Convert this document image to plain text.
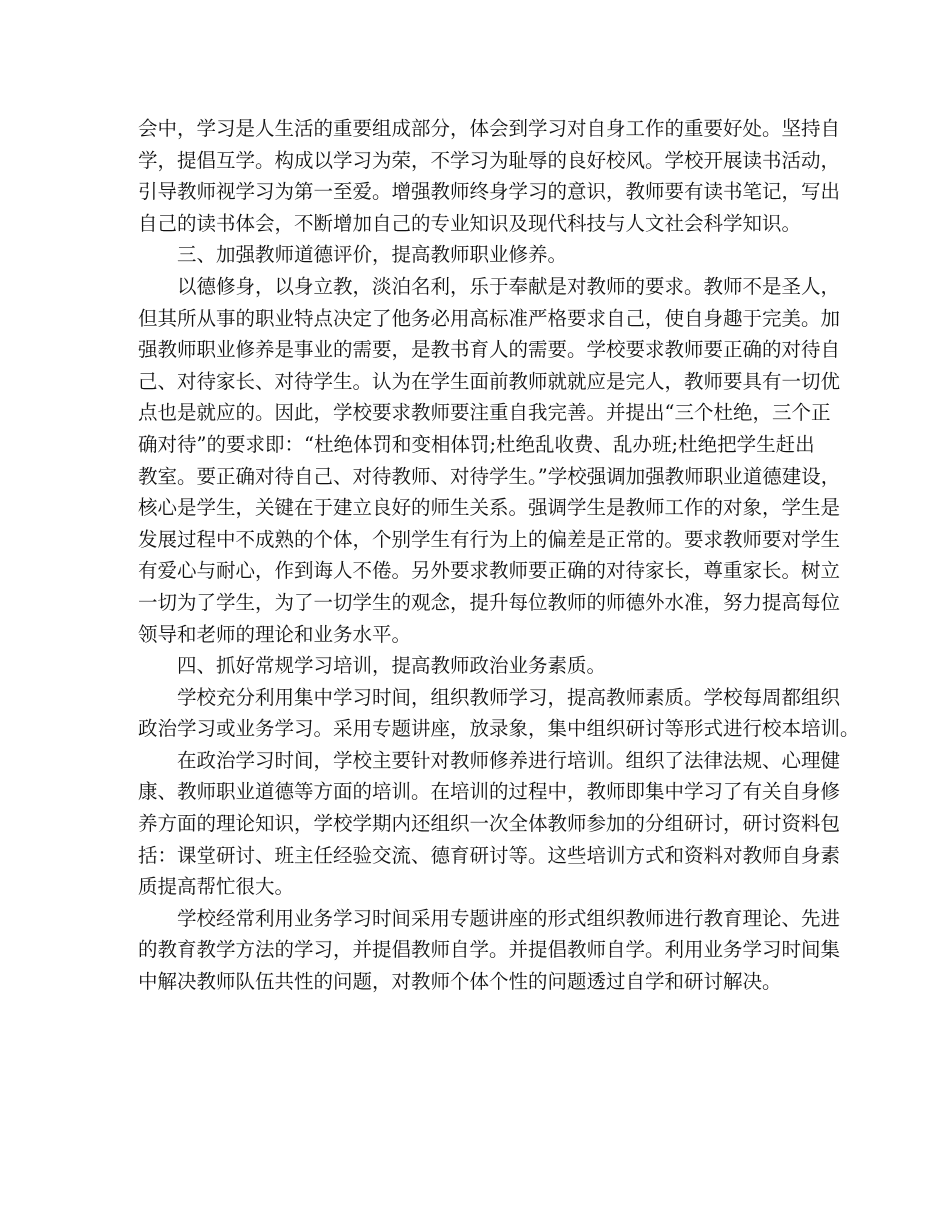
会中，学习是人生活的重要组成部分，体会到学习对自身工作的重要好处。坚持自
学，提倡互学。构成以学习为荣，不学习为耻辱的良好校风。学校开展读书活动，
引导教师视学习为第一至爱。增强教师终身学习的意识，教师要有读书笔记，写出
自己的读书体会，不断增加自己的专业知识及现代科技与人文社会科学知识。
三、加强教师道德评价，提高教师职业修养。
以德修身，以身立教，淡泊名利，乐于奉献是对教师的要求。教师不是圣人，
但其所从事的职业特点决定了他务必用高标准严格要求自己，使自身趣于完美。加
强教师职业修养是事业的需要，是教书育人的需要。学校要求教师要正确的对待自
己、对待家长、对待学生。认为在学生面前教师就就应是完人，教师要具有一切优
点也是就应的。因此，学校要求教师要注重自我完善。并提出“三个杜绝，三个正
确对待”的要求即：“杜绝体罚和变相体罚;杜绝乱收费、乱办班;杜绝把学生赶出
教室。要正确对待自己、对待教师、对待学生。”学校强调加强教师职业道德建设，
核心是学生，关键在于建立良好的师生关系。强调学生是教师工作的对象，学生是
发展过程中不成熟的个体，个别学生有行为上的偏差是正常的。要求教师要对学生
有爱心与耐心，作到诲人不倦。另外要求教师要正确的对待家长，尊重家长。树立
一切为了学生，为了一切学生的观念，提升每位教师的师德外水准，努力提高每位
领导和老师的理论和业务水平。
四、抓好常规学习培训，提高教师政治业务素质。
学校充分利用集中学习时间，组织教师学习，提高教师素质。学校每周都组织
政治学习或业务学习。采用专题讲座，放录象，集中组织研讨等形式进行校本培训。
在政治学习时间，学校主要针对教师修养进行培训。组织了法律法规、心理健
康、教师职业道德等方面的培训。在培训的过程中，教师即集中学习了有关自身修
养方面的理论知识，学校学期内还组织一次全体教师参加的分组研讨，研讨资料包
括：课堂研讨、班主任经验交流、德育研讨等。这些培训方式和资料对教师自身素
质提高帮忙很大。
学校经常利用业务学习时间采用专题讲座的形式组织教师进行教育理论、先进
的教育教学方法的学习，并提倡教师自学。并提倡教师自学。利用业务学习时间集
中解决教师队伍共性的问题，对教师个体个性的问题透过自学和研讨解决。
